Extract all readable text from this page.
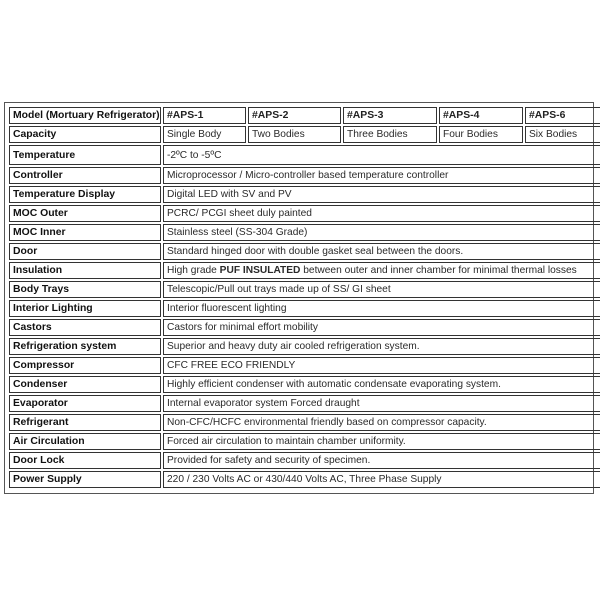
Model (Mortuary Refrigerator)	#APS-1	#APS-2	#APS-3	#APS-4	#APS-6
Capacity	Single Body	Two Bodies	Three Bodies	Four Bodies	Six Bodies
Temperature	-2ºC to -5ºC				
Controller	Microprocessor / Micro-controller based temperature controller				
Temperature Display	Digital LED with SV and PV				
MOC Outer	PCRC/ PCGI sheet duly painted				
MOC Inner	Stainless steel (SS-304 Grade)				
Door	Standard hinged door with double gasket seal between the doors.				
Insulation	High grade PUF INSULATED between outer and inner chamber for minimal thermal losses				
Body Trays	Telescopic/Pull out trays made up of SS/ GI sheet				
Interior Lighting	Interior fluorescent lighting				
Castors	Castors for minimal effort mobility				
Refrigeration system	Superior and heavy duty air cooled refrigeration system.				
Compressor	CFC FREE ECO FRIENDLY				
Condenser	Highly efficient condenser with automatic condensate evaporating system.				
Evaporator	Internal evaporator system Forced draught				
Refrigerant	Non-CFC/HCFC environmental friendly based on compressor capacity.				
Air Circulation	Forced air circulation to maintain chamber uniformity.				
Door Lock	Provided for safety and security of specimen.				
Power Supply	220 / 230 Volts AC or 430/440 Volts AC, Three Phase Supply				
